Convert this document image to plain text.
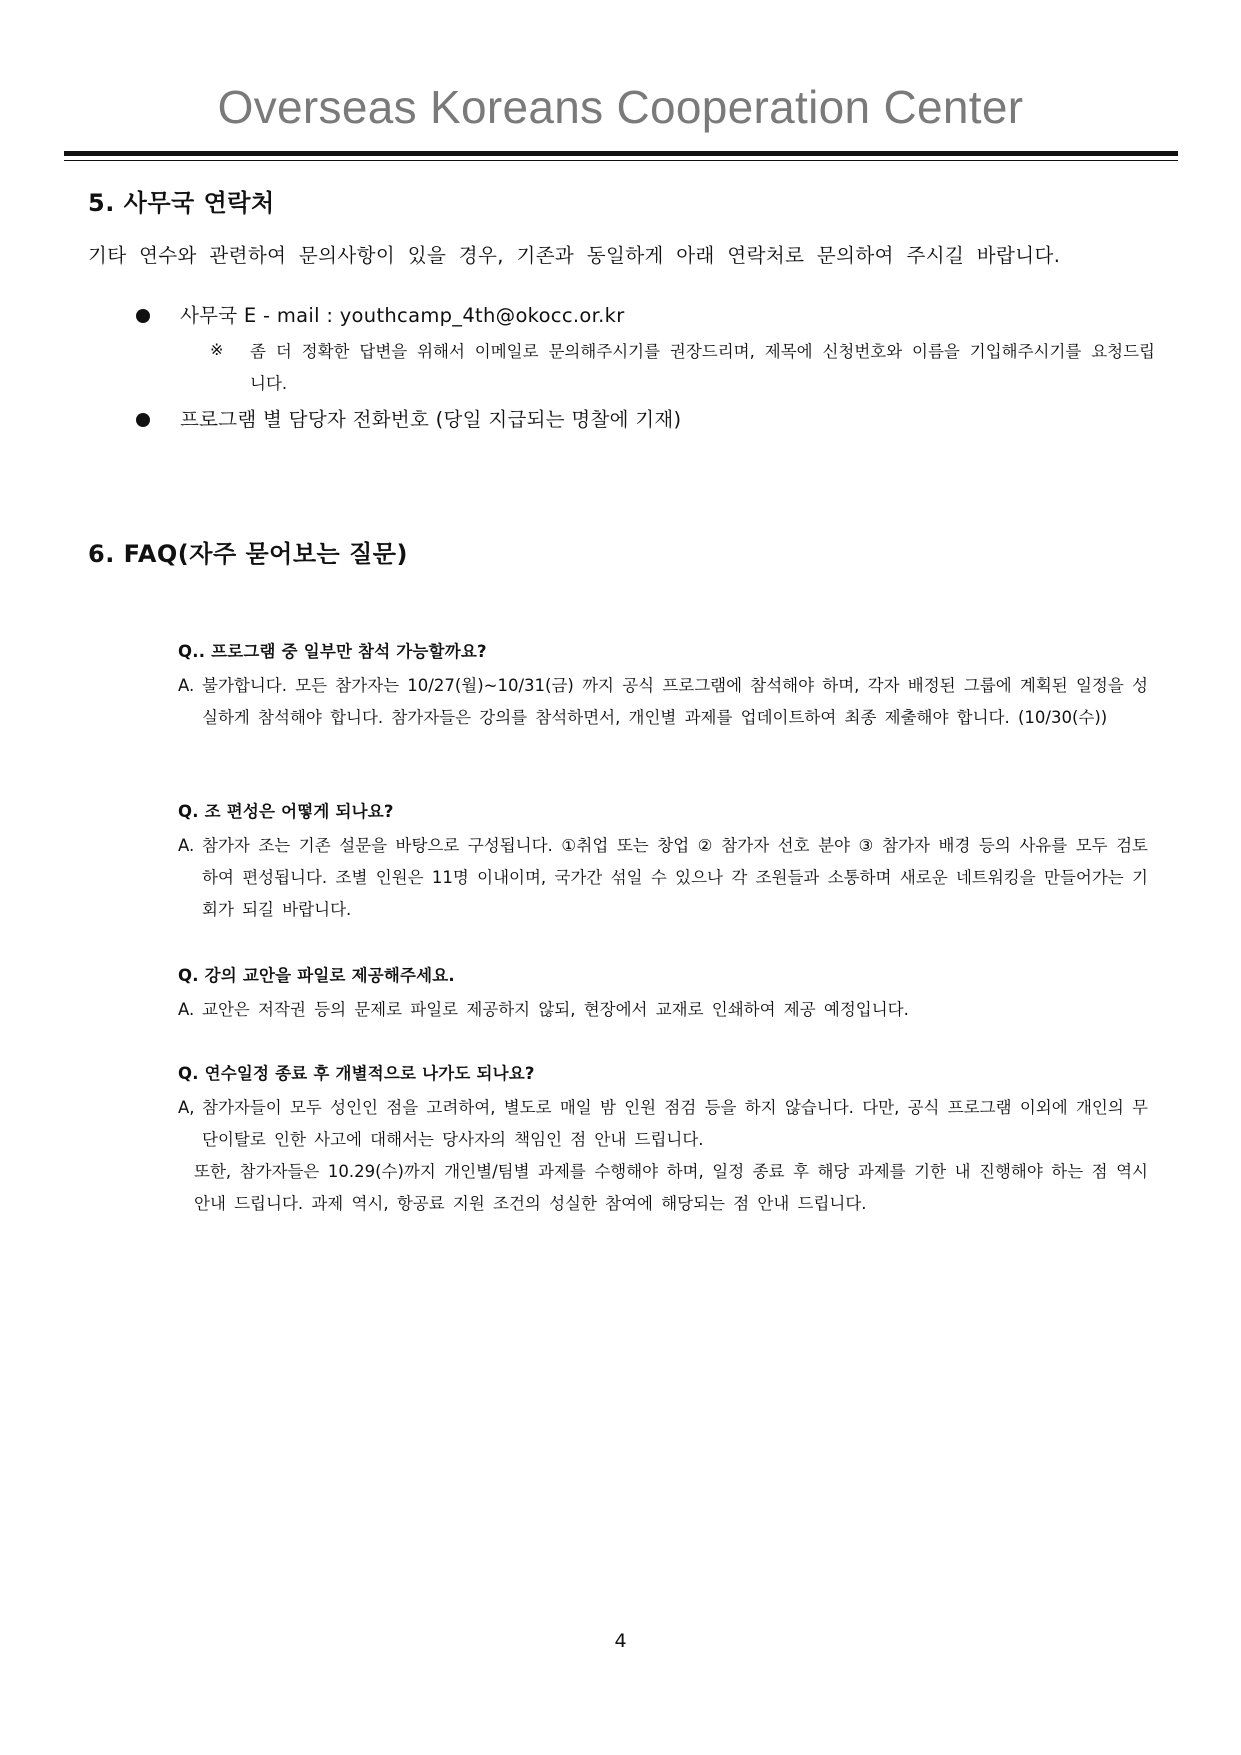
Overseas Koreans Cooperation Center
5. 사무국 연락처
기타 연수와 관련하여 문의사항이 있을 경우, 기존과 동일하게 아래 연락처로 문의하여 주시길 바랍니다.
사무국 E - mail : youthcamp_4th@okocc.or.kr
※ 좀 더 정확한 답변을 위해서 이메일로 문의해주시기를 권장드리며, 제목에 신청번호와 이름을 기입해주시기를 요청드립니다.
프로그램 별 담당자 전화번호 (당일 지급되는 명찰에 기재)
6. FAQ(자주 묻어보는 질문)
Q.. 프로그램 중 일부만 참석 가능할까요?
A. 불가합니다. 모든 참가자는 10/27(월)~10/31(금) 까지 공식 프로그램에 참석해야 하며, 각자 배정된 그룹에 계획된 일정을 성실하게 참석해야 합니다. 참가자들은 강의를 참석하면서, 개인별 과제를 업데이트하여 최종 제출해야 합니다. (10/30(수))

Q. 조 편성은 어떻게 되나요?
A. 참가자 조는 기존 설문을 바탕으로 구성됩니다. ①취업 또는 창업 ② 참가자 선호 분야 ③ 참가자 배경 등의 사유를 모두 검토하여 편성됩니다. 조별 인원은 11명 이내이며, 국가간 섞일 수 있으나 각 조원들과 소통하며 새로운 네트워킹을 만들어가는 기회가 되길 바랍니다.

Q. 강의 교안을 파일로 제공해주세요.
A. 교안은 저작권 등의 문제로 파일로 제공하지 않되, 현장에서 교재로 인쇄하여 제공 예정입니다.

Q. 연수일정 종료 후 개별적으로 나가도 되나요?
A, 참가자들이 모두 성인인 점을 고려하여, 별도로 매일 밤 인원 점검 등을 하지 않습니다. 다만, 공식 프로그램 이외에 개인의 무단이탈로 인한 사고에 대해서는 당사자의 책임인 점 안내 드립니다.

또한, 참가자들은 10.29(수)까지 개인별/팀별 과제를 수행해야 하며, 일정 종료 후 해당 과제를 기한 내 진행해야 하는 점 역시 안내 드립니다. 과제 역시, 항공료 지원 조건의 성실한 참여에 해당되는 점 안내 드립니다.

4
